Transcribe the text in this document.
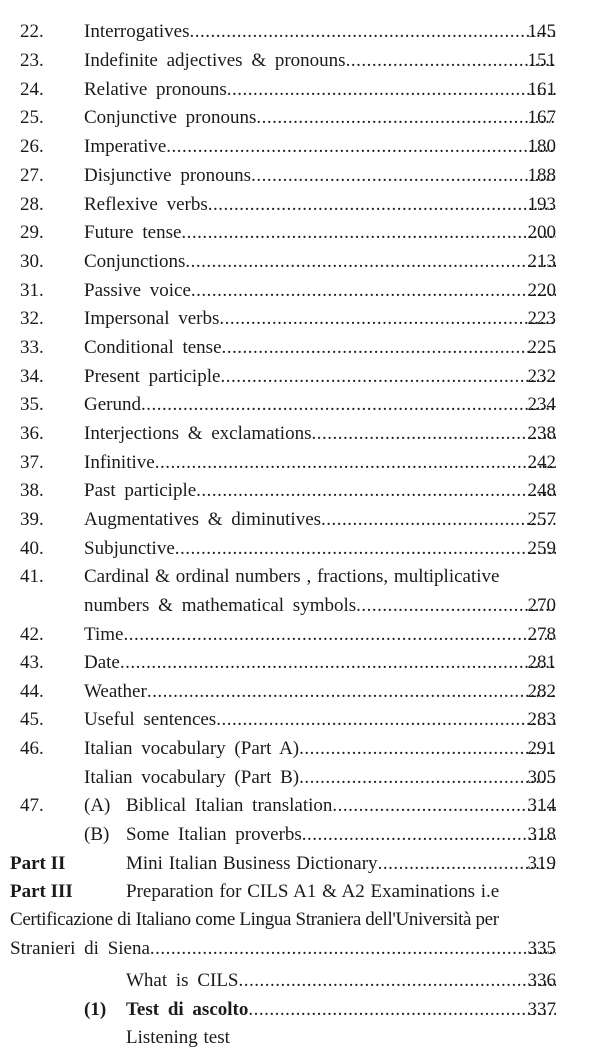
22. Interrogatives .....	145
23. Indefinite adjectives & pronouns .....	151
24. Relative pronouns .....	161
25. Conjunctive pronouns .....	167
26. Imperative .....	180
27. Disjunctive pronouns .....	188
28. Reflexive verbs .....	193
29. Future tense .....	200
30. Conjunctions .....	213
31. Passive voice .....	220
32. Impersonal verbs .....	223
33. Conditional tense .....	225
34. Present participle .....	232
35. Gerund .....	234
36. Interjections & exclamations .....	238
37. Infinitive .....	242
38. Past participle .....	248
39. Augmentatives & diminutives .....	257
40. Subjunctive .....	259
41. Cardinal & ordinal numbers , fractions, multiplicative
numbers & mathematical symbols .....	270
42. Time .....	278
43. Date .....	281
44. Weather .....	282
45. Useful sentences .....	283
46. Italian vocabulary (Part A) .....	291
Italian vocabulary (Part B) .....	305
47. (A) Biblical Italian translation .....	314
(B) Some Italian proverbs .....	318
Part II	Mini Italian Business Dictionary .....	319
Part III	Preparation for CILS A1 & A2 Examinations i.e
Certificazione di Italiano come Lingua Straniera dell'Università per
Stranieri di Siena .....	335
What is CILS .....	336
(1)	Test di ascolto .....	337
Listening test
